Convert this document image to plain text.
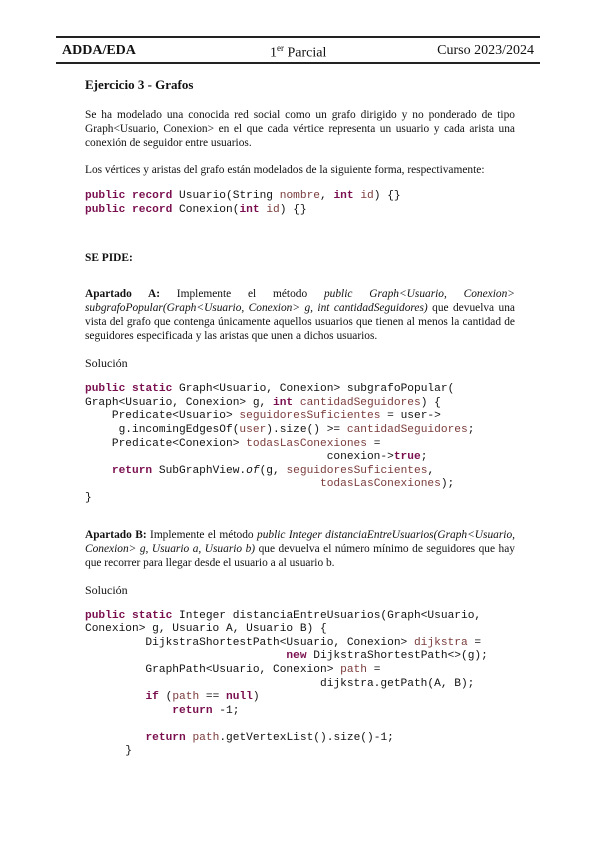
ADDA/EDA	1er Parcial	Curso 2023/2024
Ejercicio 3 - Grafos

Se ha modelado una conocida red social como un grafo dirigido y no ponderado de tipo Graph<Usuario, Conexion> en el que cada vértice representa un usuario y cada arista una conexión de seguidor entre usuarios.

Los vértices y aristas del grafo están modelados de la siguiente forma, respectivamente:

public record Usuario(String nombre, int id) {}
public record Conexion(int id) {}

SE PIDE:

Apartado A: Implemente el método public Graph<Usuario, Conexion> subgrafoPopular(Graph<Usuario, Conexion> g, int cantidadSeguidores) que devuelva una vista del grafo que contenga únicamente aquellos usuarios que tienen al menos la cantidad de seguidores especificada y las aristas que unen a dichos usuarios.

Solución

public static Graph<Usuario, Conexion> subgrafoPopular(
Graph<Usuario, Conexion> g, int cantidadSeguidores) {
Predicate<Usuario> seguidoresSuficientes = user->
g.incomingEdgesOf(user).size() >= cantidadSeguidores;
Predicate<Conexion> todasLasConexiones =
conexion->true;
return SubGraphView.of(g, seguidoresSuficientes,
todasLasConexiones);
}

Apartado B: Implemente el método public Integer distanciaEntreUsuarios(Graph<Usuario, Conexion> g, Usuario a, Usuario b) que devuelva el número mínimo de seguidores que hay que recorrer para llegar desde el usuario a al usuario b.

Solución

public static Integer distanciaEntreUsuarios(Graph<Usuario,
Conexion> g, Usuario A, Usuario B) {
DijkstraShortestPath<Usuario, Conexion> dijkstra =
new DijkstraShortestPath<>(g);
GraphPath<Usuario, Conexion> path =
dijkstra.getPath(A, B);
if (path == null)
return -1;

return path.getVertexList().size()-1;
}
